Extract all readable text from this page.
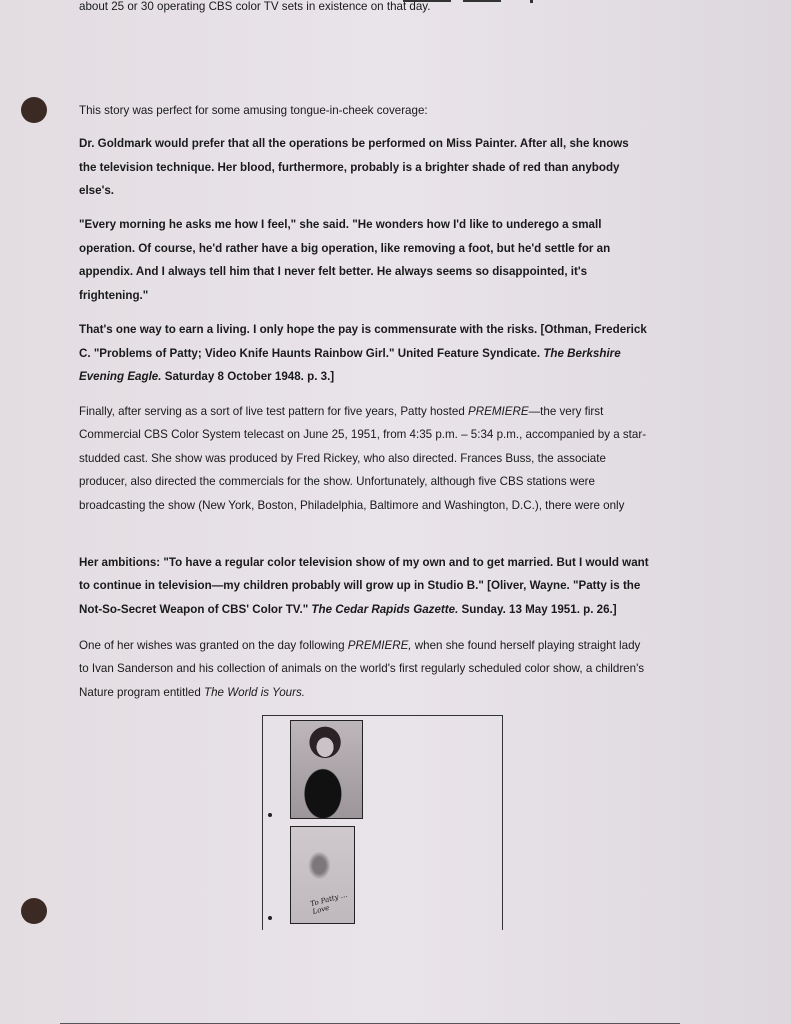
This story was perfect for some amusing tongue-in-cheek coverage:
Dr. Goldmark would prefer that all the operations be performed on Miss Painter. After all, she knows
the television technique. Her blood, furthermore, probably is a brighter shade of red than anybody
else's.
"Every morning he asks me how I feel," she said. "He wonders how I'd like to underego a small
operation. Of course, he'd rather have a big operation, like removing a foot, but he'd settle for an
appendix. And I always tell him that I never felt better. He always seems so disappointed, it's
frightening."
That's one way to earn a living. I only hope the pay is commensurate with the risks. [Othman, Frederick
C. "Problems of Patty; Video Knife Haunts Rainbow Girl." United Feature Syndicate. The Berkshire
Evening Eagle. Saturday 8 October 1948. p. 3.]
Finally, after serving as a sort of live test pattern for five years, Patty hosted PREMIERE—the very first
Commercial CBS Color System telecast on June 25, 1951, from 4:35 p.m. – 5:34 p.m., accompanied by a star-
studded cast. She show was produced by Fred Rickey, who also directed. Frances Buss, the associate
producer, also directed the commercials for the show. Unfortunately, although five CBS stations were
broadcasting the show (New York, Boston, Philadelphia, Baltimore and Washington, D.C.), there were only
about 25 or 30 operating CBS color TV sets in existence on that day.
Her ambitions: "To have a regular color television show of my own and to get married. But I would want
to continue in television—my children probably will grow up in Studio B." [Oliver, Wayne. "Patty is the
Not-So-Secret Weapon of CBS' Color TV." The Cedar Rapids Gazette. Sunday. 13 May 1951. p. 26.]
One of her wishes was granted on the day following PREMIERE, when she found herself playing straight lady
to Ivan Sanderson and his collection of animals on the world's first regularly scheduled color show, a children's
Nature program entitled The World is Yours.
To Patty ... Love
